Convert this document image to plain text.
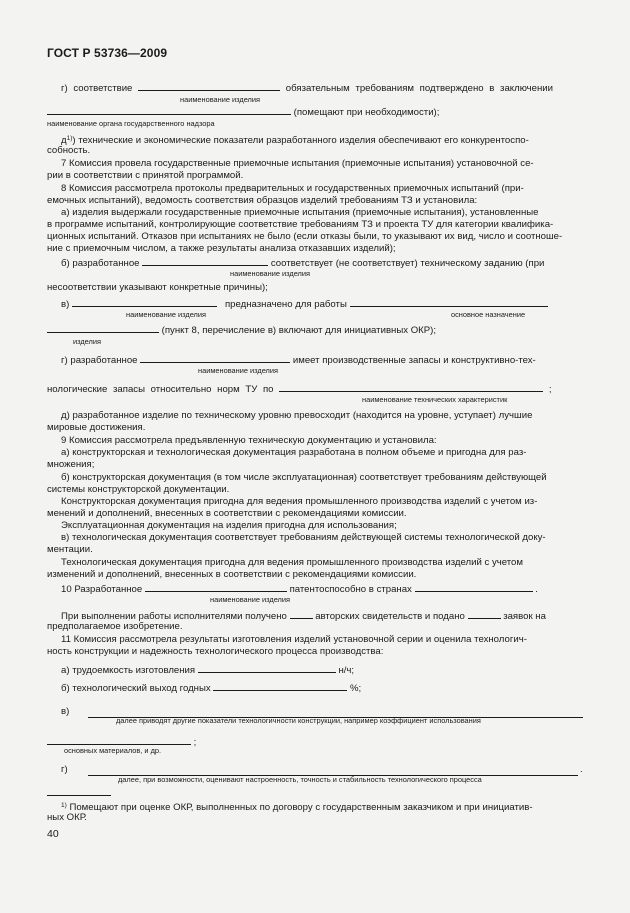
ГОСТ Р 53736—2009
г) соответствие	обязательным требованиям подтверждено в заключении
наименование изделия
(помещают при необходимости);
наименование органа государственного надзора
$д^{1)}$) технические и экономические показатели разработанного изделия обеспечивают его конкурентоспо-
собность.
7 Комиссия провела государственные приемочные испытания (приемочные испытания) установочной се-
рии в соответствии с принятой программой.
8 Комиссия рассмотрела протоколы предварительных и государственных приемочных испытаний (при-
емочных испытаний), ведомость соответствия образцов изделий требованиям ТЗ и установила:
а) изделия выдержали государственные приемочные испытания (приемочные испытания), установленные
в программе испытаний, контролирующие соответствие требованиям ТЗ и проекта ТУ для категории квалифика-
ционных испытаний. Отказов при испытаниях не было (если отказы были, то указывают их вид, число и соотноше-
ние с приемочным числом, а также результаты анализа отказавших изделий);
б) разработанное	соответствует (не соответствует) техническому заданию (при
наименование изделия
несоответствии указывают конкретные причины);
в)	предназначено для работы
наименование изделия	основное назначение
(пункт 8, перечисление в) включают для инициативных ОКР);
изделия
г) разработанное	имеет производственные запасы и конструктивно-тех-
наименование изделия
нологические запасы относительно норм ТУ по	;
наименование технических характеристик
д) разработанное изделие по техническому уровню превосходит (находится на уровне, уступает) лучшие
мировые достижения.
9 Комиссия рассмотрела предъявленную техническую документацию и установила:
а) конструкторская и технологическая документация разработана в полном объеме и пригодна для раз-
множения;
б) конструкторская документация (в том числе эксплуатационная) соответствует требованиям действующей
системы конструкторской документации.
Конструкторская документация пригодна для ведения промышленного производства изделий с учетом из-
менений и дополнений, внесенных в соответствии с рекомендациями комиссии.
Эксплуатационная документация на изделия пригодна для использования;
в) технологическая документация соответствует требованиям действующей системы технологической доку-
ментации.
Технологическая документация пригодна для ведения промышленного производства изделий с учетом
изменений и дополнений, внесенных в соответствии с рекомендациями комиссии.
10 Разработанное	патентоспособно в странах	.
наименование изделия
При выполнении работы исполнителями получено	авторских свидетельств и подано	заявок на
предполагаемое изобретение.
11 Комиссия рассмотрела результаты изготовления изделий установочной серии и оценила технологич-
ность конструкции и надежность технологического процесса производства:
а) трудоемкость изготовления	н/ч;
б) технологический выход годных	%;
в)
далее приводят другие показатели технологичности конструкции, например коэффициент использования
;
основных материалов, и др.
г)	.
далее, при возможности, оценивают настроенность, точность и стабильность технологического процесса
$^{1)}$ Помещают при оценке ОКР, выполненных по договору с государственным заказчиком и при инициатив-
ных ОКР.
40
